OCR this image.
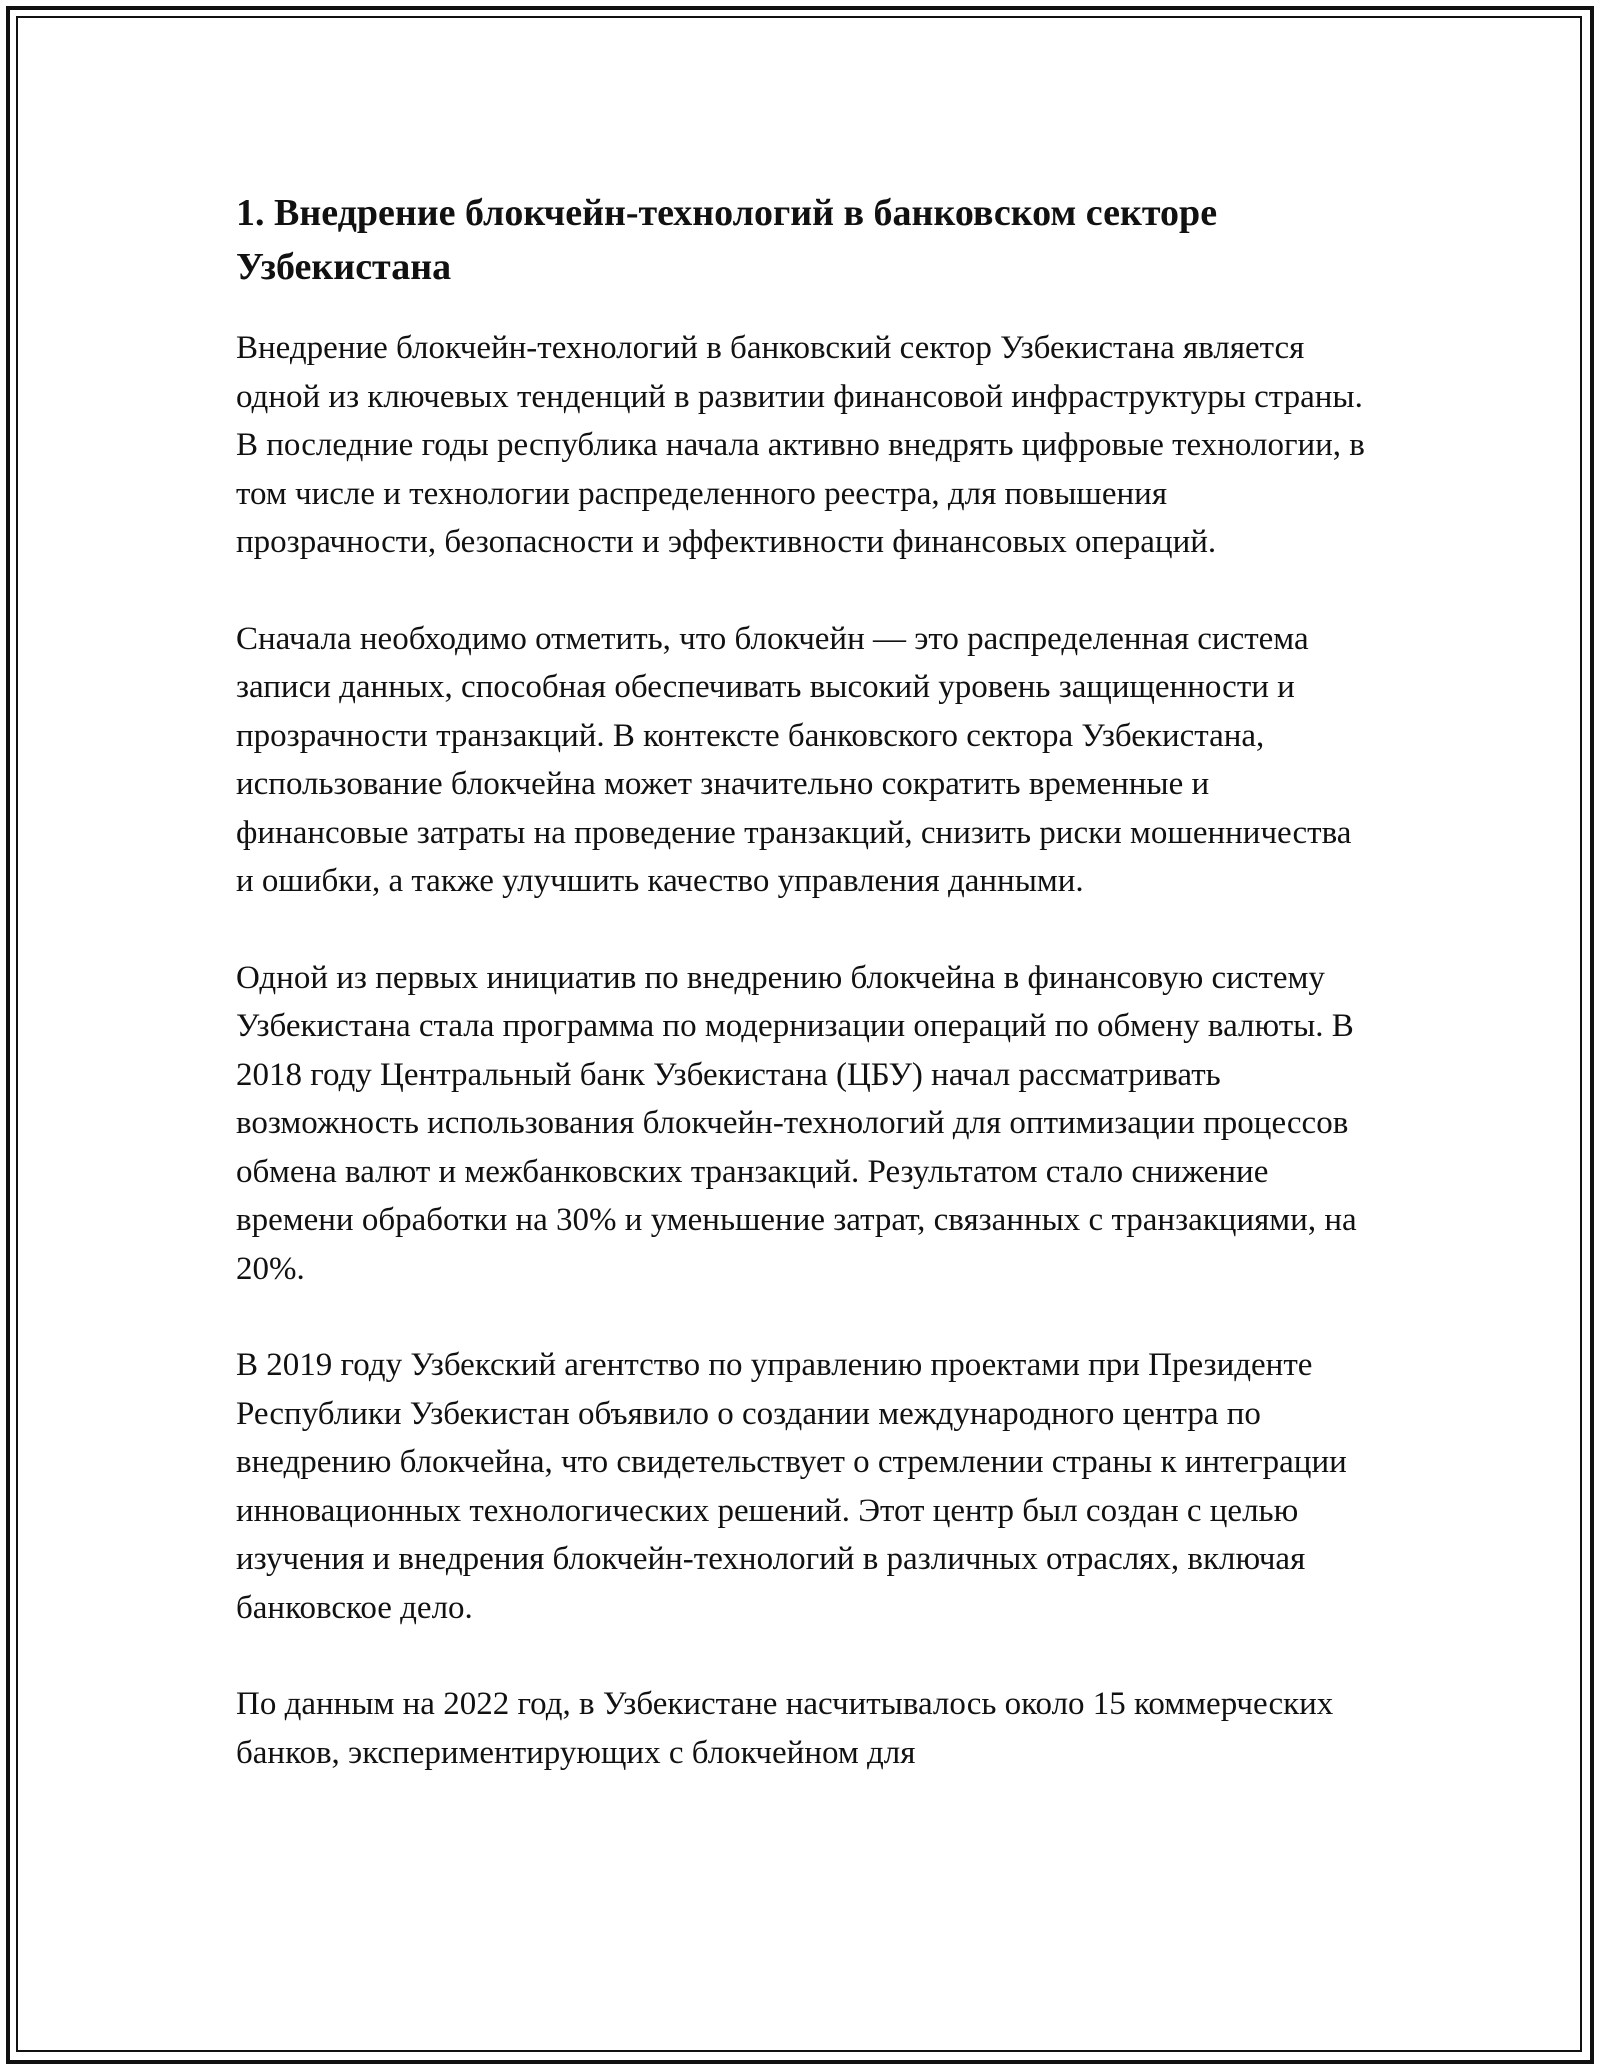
1. Внедрение блокчейн-технологий в банковском секторе Узбекистана

Внедрение блокчейн-технологий в банковский сектор Узбекистана является одной из ключевых тенденций в развитии финансовой инфраструктуры страны. В последние годы республика начала активно внедрять цифровые технологии, в том числе и технологии распределенного реестра, для повышения прозрачности, безопасности и эффективности финансовых операций.

Сначала необходимо отметить, что блокчейн — это распределенная система записи данных, способная обеспечивать высокий уровень защищенности и прозрачности транзакций. В контексте банковского сектора Узбекистана, использование блокчейна может значительно сократить временные и финансовые затраты на проведение транзакций, снизить риски мошенничества и ошибки, а также улучшить качество управления данными.

Одной из первых инициатив по внедрению блокчейна в финансовую систему Узбекистана стала программа по модернизации операций по обмену валюты. В 2018 году Центральный банк Узбекистана (ЦБУ) начал рассматривать возможность использования блокчейн-технологий для оптимизации процессов обмена валют и межбанковских транзакций. Результатом стало снижение времени обработки на 30% и уменьшение затрат, связанных с транзакциями, на 20%.

В 2019 году Узбекский агентство по управлению проектами при Президенте Республики Узбекистан объявило о создании международного центра по внедрению блокчейна, что свидетельствует о стремлении страны к интеграции инновационных технологических решений. Этот центр был создан с целью изучения и внедрения блокчейн-технологий в различных отраслях, включая банковское дело.

По данным на 2022 год, в Узбекистане насчитывалось около 15 коммерческих банков, экспериментирующих с блокчейном для
